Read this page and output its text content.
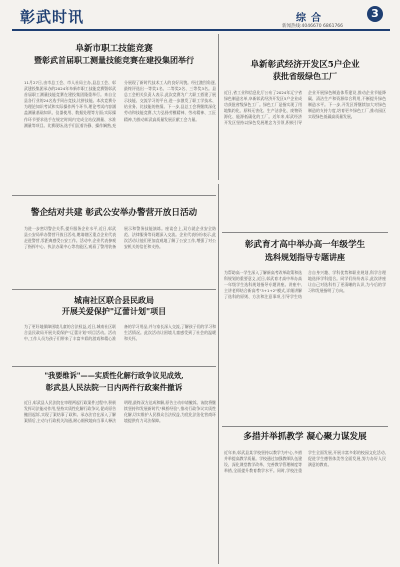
彰武时讯	综合	3
新闻热线:4046670 6861766
阜新市职工技能竞赛
暨彰武首届职工测量技能竞赛在建投集团举行
11月27日,由市总工会、市人社局主办,县总工会、彰武建投集团承办的2024年阜新市职工技能竞赛暨彰武首届职工测量技能竞赛在建投集团隆重举行。来自全县各行业的24名选手同台竞技,比拼技能。本次竞赛分为理论知识考试和实际操作两个环节,理论考试内容涵盖测量基础知识、仪器使用、数据处理等方面;实际操作环节要求选手在规定时间内完成全站仪测量、水准测量等项目。比赛现场,选手们沉着冷静、操作娴熟,充分展现了新时代技术工人的良好风貌。经过激烈角逐,最终评选出一等奖1名、二等奖2名、三等奖3名。县总工会相关负责人表示,此次竞赛为广大职工搭建了展示技能、交流学习的平台,进一步激发了职工学技术、钻业务、比技能的热情。下一步,县总工会将继续深化劳动和技能竞赛,大力弘扬劳模精神、劳动精神、工匠精神,为推动彰武高质量发展贡献工会力量。
警企结对共建 彰武公安举办警营开放日活动
为进一步密切警企关系,提升服务企业水平,近日,彰武县公安局举办警营开放日活动,邀请辖区重点企业代表走进警营,零距离感受公安工作。活动中,企业代表参观了指挥中心、执法办案中心等功能区,观看了警用装备展示和警务技能演练。座谈会上,双方就企业安全防范、法律服务等问题深入交流。企业代表纷纷表示,此次活动让他们更加直观地了解了公安工作,增强了对公安机关的信任和支持。
城南社区联合县民政局
开展关爱保护"辽蕾计划"项目
为了更好地保障困境儿童的合法权益,近日,城南社区联合县民政局开展关爱保护"辽蕾计划"项目活动。活动中,工作人员为孩子们带来了丰富多彩的游戏和精心准备的学习用品,并与家长深入交流,了解孩子们的学习和生活情况。此次活动让困境儿童感受到了社会的温暖和关怀。
"我要维诉"——实质性化解行政争议见成效,
彰武县人民法院一日内两件行政案件撤诉
近日,彰武县人民法院在审理两起行政案件过程中,积极发挥司法能动作用,坚持实质性化解行政争议,促成原告撤回起诉,实现了案结事了政和。承办法官在深入了解案情后,主动与行政机关沟通,耐心细致地向当事人释法明理,最终双方达成和解,原告主动申请撤诉。该院将继续坚持和发展新时代"枫桥经验",推动行政争议实质性化解,切实维护人民群众合法权益,为优化法治化营商环境提供有力司法保障。
阜新彰武经济开发区5户企业
获批省级绿色工厂
近日,省工业和信息化厅公布了2024年辽宁省绿色制造名单,阜新彰武经济开发区5户企业成功获批省级绿色工厂。绿色工厂是指实现了用地集约化、原料无害化、生产洁净化、废物资源化、能源低碳化的工厂。近年来,彰武经济开发区坚持以绿色发展理念为引领,积极引导企业开展绿色制造体系建设,推动企业节能降碳、清洁生产和资源综合利用,不断提升绿色制造水平。下一步,开发区将继续加大对绿色制造的支持力度,培育更多绿色工厂,推动园区实现绿色低碳高质量发展。
彰武育才高中举办高一年级学生
选科规划指导专题讲座
为帮助高一学生深入了解新高考改革政策和选科规划的重要意义,近日,彰武育才高中举办高一年级学生选科规划指导专题讲座。讲座中,主讲老师结合新高考"3+1+2"模式,详细讲解了选科的原则、方法和注意事项,引导学生结合自身兴趣、学科优势和职业规划,科学合理地选择学科组合。同学们纷纷表示,此次讲座让自己对选科有了更清晰的认识,为今后的学习和发展指明了方向。
多措并举抓教学 凝心聚力谋发展
近年来,彰武县某学校坚持以教学为中心,多措并举提高教学质量。学校通过加强教师队伍建设、深化课堂教学改革、完善教学管理制度等举措,全面提升教育教学水平。同时,学校注重学生全面发展,开展丰富多彩的校园文化活动,促进学生德智体美劳全面发展,努力办好人民满意的教育。
